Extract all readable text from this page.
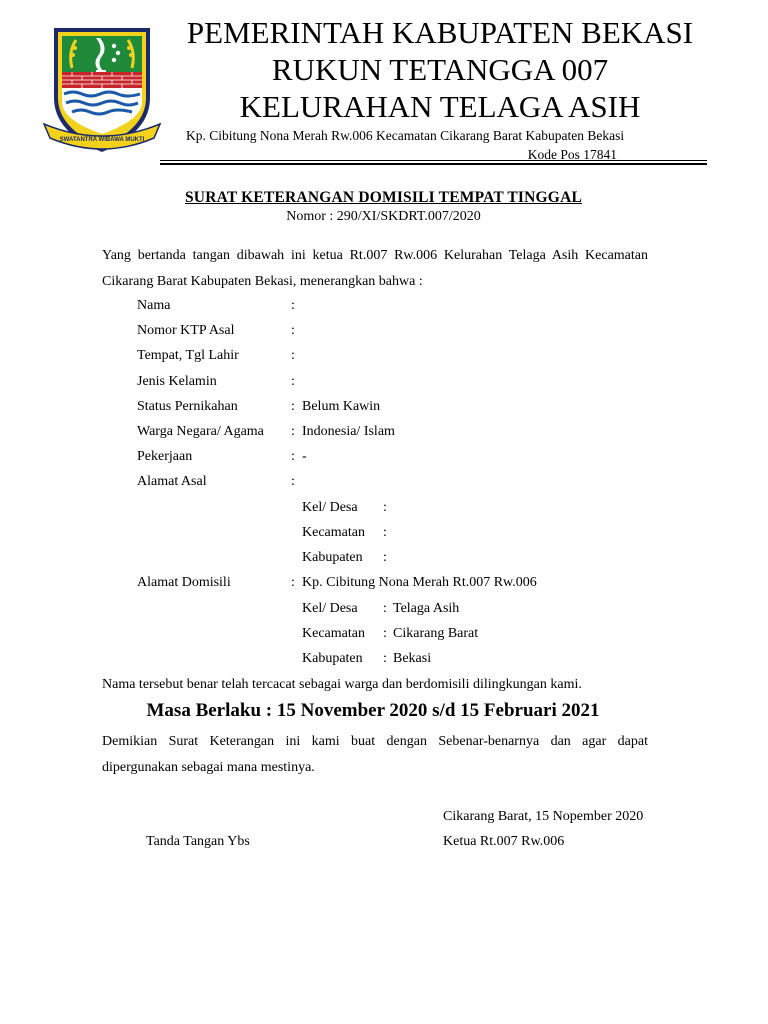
SWATANTRA WIBAWA MUKTI
PEMERINTAH KABUPATEN BEKASI
RUKUN TETANGGA 007
KELURAHAN TELAGA ASIH
Kp. Cibitung Nona Merah Rw.006 Kecamatan Cikarang Barat Kabupaten Bekasi
Kode Pos 17841
SURAT KETERANGAN DOMISILI TEMPAT TINGGAL
Nomor : 290/XI/SKDRT.007/2020
Yang bertanda tangan dibawah ini ketua Rt.007 Rw.006 Kelurahan Telaga Asih Kecamatan Cikarang Barat Kabupaten Bekasi, menerangkan bahwa :
Nama	:
Nomor KTP Asal	:
Tempat, Tgl Lahir	:
Jenis Kelamin	:
Status Pernikahan	: Belum Kawin
Warga Negara/ Agama : Indonesia/ Islam
Pekerjaan	: -
Alamat Asal	:
Kel/ Desa :
Kecamatan :
Kabupaten :
Alamat Domisili	: Kp. Cibitung Nona Merah Rt.007 Rw.006
Kel/ Desa : Telaga Asih
Kecamatan : Cikarang Barat
Kabupaten : Bekasi
Nama tersebut benar telah tercacat sebagai warga dan berdomisili dilingkungan kami.
Masa Berlaku : 15 November 2020 s/d 15 Februari 2021
Demikian Surat Keterangan ini kami buat dengan Sebenar-benarnya dan agar dapat dipergunakan sebagai mana mestinya.
Cikarang Barat, 15 Nopember 2020
Tanda Tangan Ybs	Ketua Rt.007 Rw.006
